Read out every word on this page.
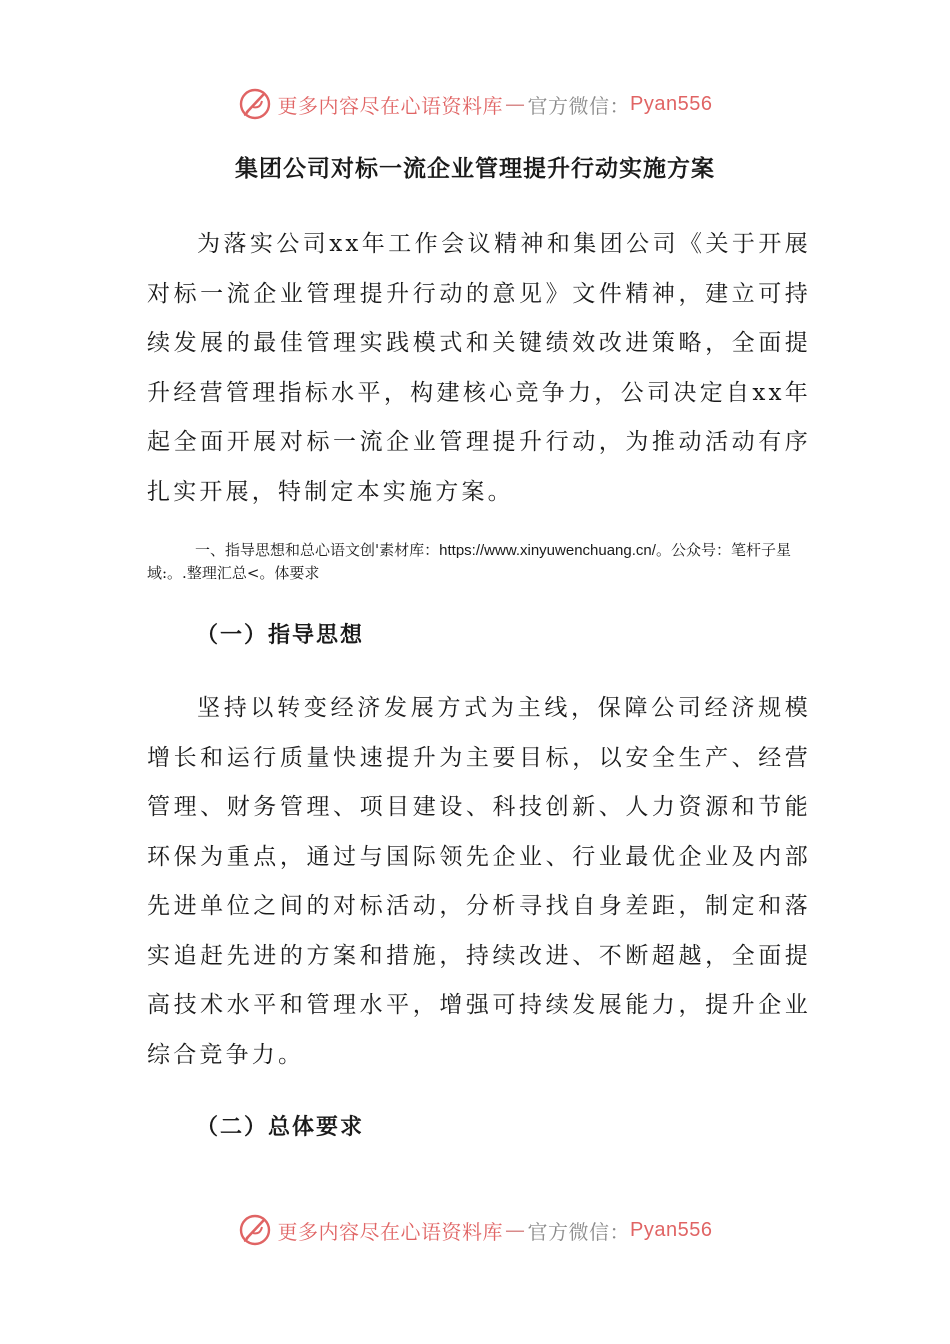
更多内容尽在心语资料库 — 官方微信： Pyan556
集团公司对标一流企业管理提升行动实施方案

为落实公司xx年工作会议精神和集团公司《关于开展对标一流企业管理提升行动的意见》文件精神，建立可持续发展的最佳管理实践模式和关键绩效改进策略，全面提升经营管理指标水平，构建核心竞争力，公司决定自xx年起全面开展对标一流企业管理提升行动，为推动活动有序扎实开展，特制定本实施方案。

一、指导思想和总心语文创'素材库：https://www.xinyuwenchuang.cn/。公众号：笔杆子星域:。.整理汇总<。体要求

（一）指导思想

坚持以转变经济发展方式为主线，保障公司经济规模增长和运行质量快速提升为主要目标，以安全生产、经营管理、财务管理、项目建设、科技创新、人力资源和节能环保为重点，通过与国际领先企业、行业最优企业及内部先进单位之间的对标活动，分析寻找自身差距，制定和落实追赶先进的方案和措施，持续改进、不断超越，全面提高技术水平和管理水平，增强可持续发展能力，提升企业综合竞争力。

（二）总体要求
更多内容尽在心语资料库 — 官方微信： Pyan556
